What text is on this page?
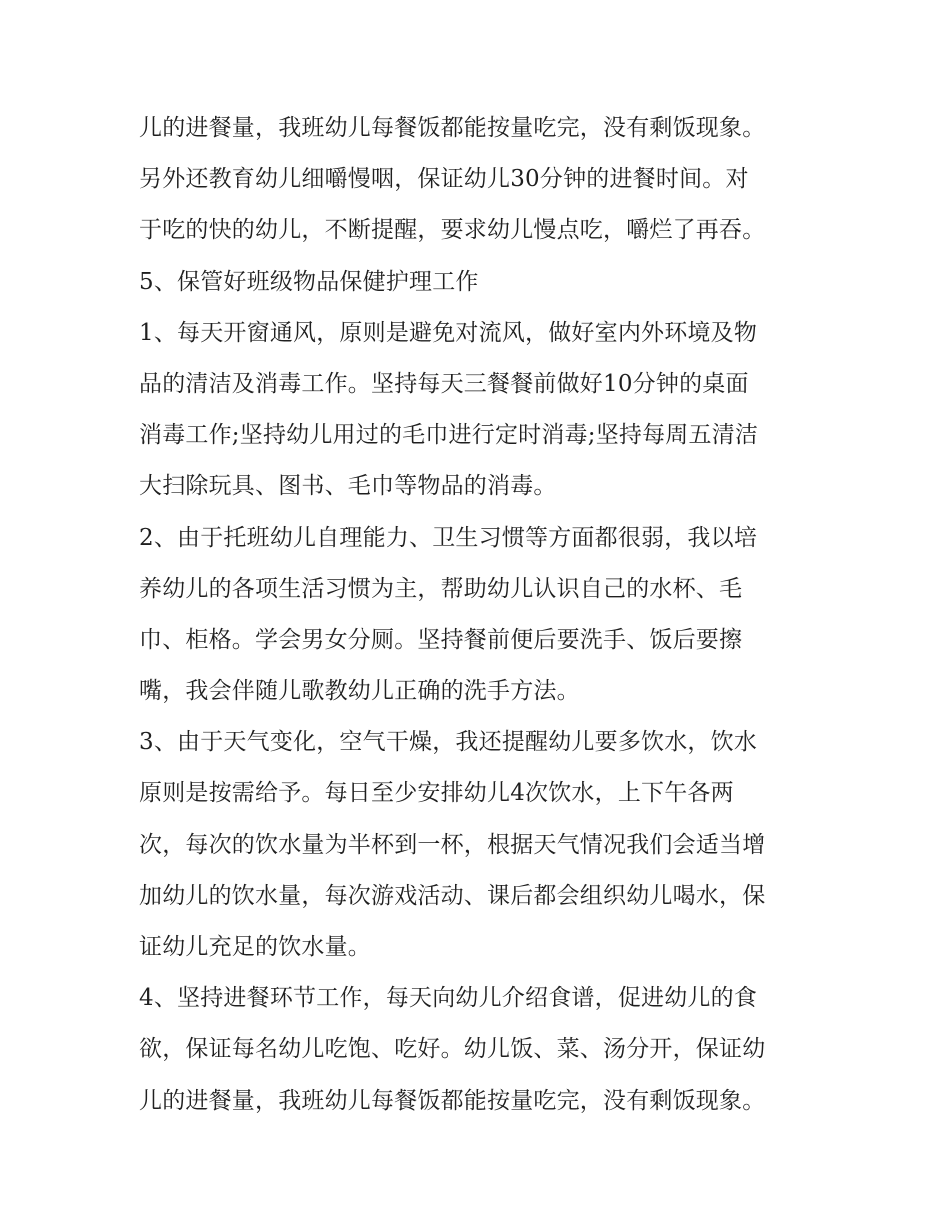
儿的进餐量，我班幼儿每餐饭都能按量吃完，没有剩饭现象。
另外还教育幼儿细嚼慢咽，保证幼儿30分钟的进餐时间。对
于吃的快的幼儿，不断提醒，要求幼儿慢点吃，嚼烂了再吞。
5、保管好班级物品保健护理工作
1、每天开窗通风，原则是避免对流风，做好室内外环境及物
品的清洁及消毒工作。坚持每天三餐餐前做好10分钟的桌面
消毒工作;坚持幼儿用过的毛巾进行定时消毒;坚持每周五清洁
大扫除玩具、图书、毛巾等物品的消毒。
2、由于托班幼儿自理能力、卫生习惯等方面都很弱，我以培
养幼儿的各项生活习惯为主，帮助幼儿认识自己的水杯、毛
巾、柜格。学会男女分厕。坚持餐前便后要洗手、饭后要擦
嘴，我会伴随儿歌教幼儿正确的洗手方法。
3、由于天气变化，空气干燥，我还提醒幼儿要多饮水，饮水
原则是按需给予。每日至少安排幼儿4次饮水，上下午各两
次，每次的饮水量为半杯到一杯，根据天气情况我们会适当增
加幼儿的饮水量，每次游戏活动、课后都会组织幼儿喝水，保
证幼儿充足的饮水量。
4、坚持进餐环节工作，每天向幼儿介绍食谱，促进幼儿的食
欲，保证每名幼儿吃饱、吃好。幼儿饭、菜、汤分开，保证幼
儿的进餐量，我班幼儿每餐饭都能按量吃完，没有剩饭现象。
